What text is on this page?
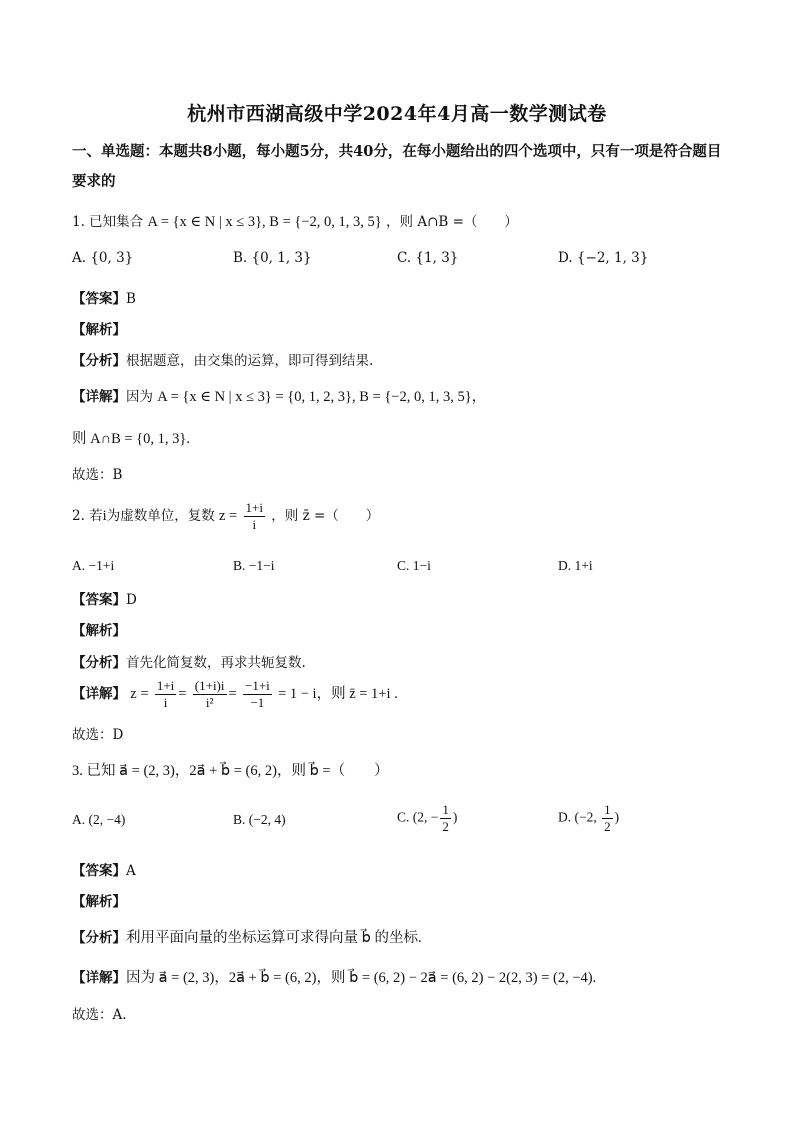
杭州市西湖高级中学2024年4月高一数学测试卷
一、单选题：本题共8小题，每小题5分，共40分，在每小题给出的四个选项中，只有一项是符合题目要求的
1. 已知集合 A = {x ∈ N | x ≤ 3}, B = {−2, 0, 1, 3, 5} ，则 A∩B =（　　）
A. {0, 3}	B. {0, 1, 3}	C. {1, 3}	D. {−2, 1, 3}
【答案】B
【解析】
【分析】根据题意，由交集的运算，即可得到结果.
【详解】因为 A = {x ∈ N | x ≤ 3} = {0, 1, 2, 3}, B = {−2, 0, 1, 3, 5}，
则 A∩B = {0, 1, 3}.
故选：B
2. 若i为虚数单位，复数 $z = \frac{1+i}{i}$ ，则 z̄ =（　　）
A. −1+i	B. −1−i	C. 1−i	D. 1+i
【答案】D
【解析】
【分析】首先化简复数，再求共轭复数.
【详解】 $z = \frac{1+i}{i} = \frac{(1+i)i}{\text{i²}} = \frac{-1+i}{-1} = 1 - i$，则 z̄ = 1+i .
故选：D
3. 已知 a⃗ = (2, 3)，2a⃗ + b⃗ = (6, 2)，则 b⃗ =（　　）
A. (2, −4)	B. (−2, 4)	C. (2, − $\frac{1}{2}$ )	D. (−2, $\frac{1}{2}$ )
【答案】A
【解析】
【分析】利用平面向量的坐标运算可求得向量 b⃗ 的坐标.
【详解】因为 a⃗ = (2, 3)，2a⃗ + b⃗ = (6, 2)，则 b⃗ = (6, 2) − 2a⃗ = (6, 2) − 2(2, 3) = (2, −4).
故选：A.
